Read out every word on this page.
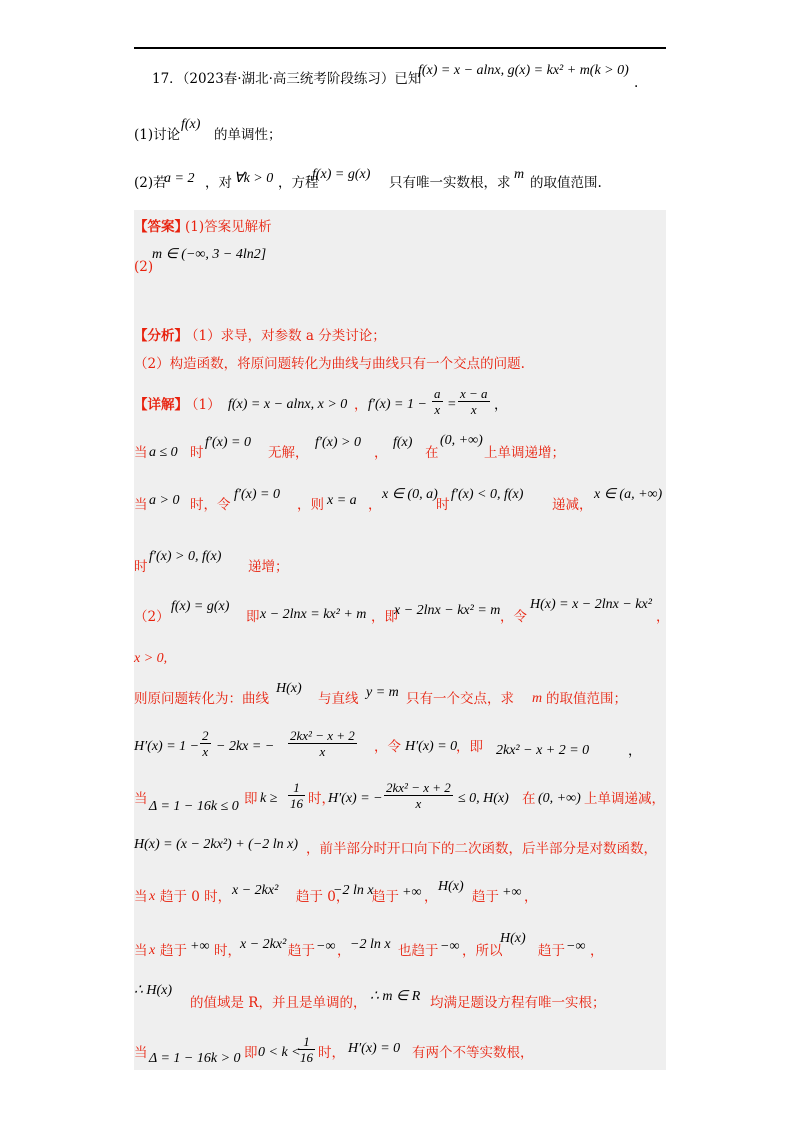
17．（2023春·湖北·高三统考阶段练习）已知
f(x) = x − alnx, g(x) = kx² + m(k > 0)
.
(1)讨论
f(x)
的单调性；
(2)若
a = 2 ，对 ∀k > 0 ，方程
f(x) = g(x)
只有唯一实数根，求
m
的取值范围.
【答案】
(1)答案见解析
(2)
m ∈ (−∞, 3 − 4ln2]
【分析】
（1）求导，对参数 a 分类讨论；
（2）构造函数，将原问题转化为曲线与曲线只有一个交点的问题.
【详解】
（1） f(x) = x − alnx, x > 0 ， $f'(x) = 1 - \frac{a}{x} = \frac{x - a}{x}$ ，
当 a ≤ 0 时
f′(x) = 0
无解，
f′(x) > 0
，
f(x)
在
(0, +∞)
上单调递增；
当 a > 0 时，令
f′(x) = 0
，则 x = a ，
x ∈ (0, a)
时
f′(x) < 0, f(x)
递减，
x ∈ (a, +∞)
时
f′(x) > 0, f(x)
递增；
（2）
f(x) = g(x)
即 x − 2lnx = kx² + m ，即
x − 2lnx − kx² = m ，令
H(x) = x − 2lnx − kx²
，
x > 0,
则原问题转化为：曲线
H(x)
与直线 y = m 只有一个交点，求 m 的取值范围；
$H'(x) = 1 - \frac{2}{x} - 2kx$ = − $\frac{\text{2kx² − x + 2}}{x}$ ，令 H′(x) = 0
，即 2kx² − x + 2 = 0	，
当 Δ = 1 − 16k ≤ 0 即 $k \ge \frac{1}{16}$ 时，
H′(x) = − $\frac{\text{2kx² − x + 2}}{x} \le 0$, H(x) 在 (0, +∞) 上单调递减，
H(x) = (x − 2kx²) + (−2 ln x) ，前半部分时开口向下的二次函数，后半部分是对数函数，
当 x 趋于 0 时， x − 2kx² 趋于 0，
−2 ln x
趋于 +∞ ，
H(x)
趋于 +∞ ，
当 x 趋于 +∞ 时， x − 2kx² 趋于 −∞ ， −2 ln x 也趋于 −∞ ，所以
H(x)
趋于 −∞ ，
∴ H(x)
的值域是 R，并且是单调的， ∴ m ∈ R 均满足题设方程有唯一实根；
当 Δ = 1 − 16k > 0 即 0 < k <
$\frac{1}{16}$ 时， H′(x) = 0 有两个不等实数根，
